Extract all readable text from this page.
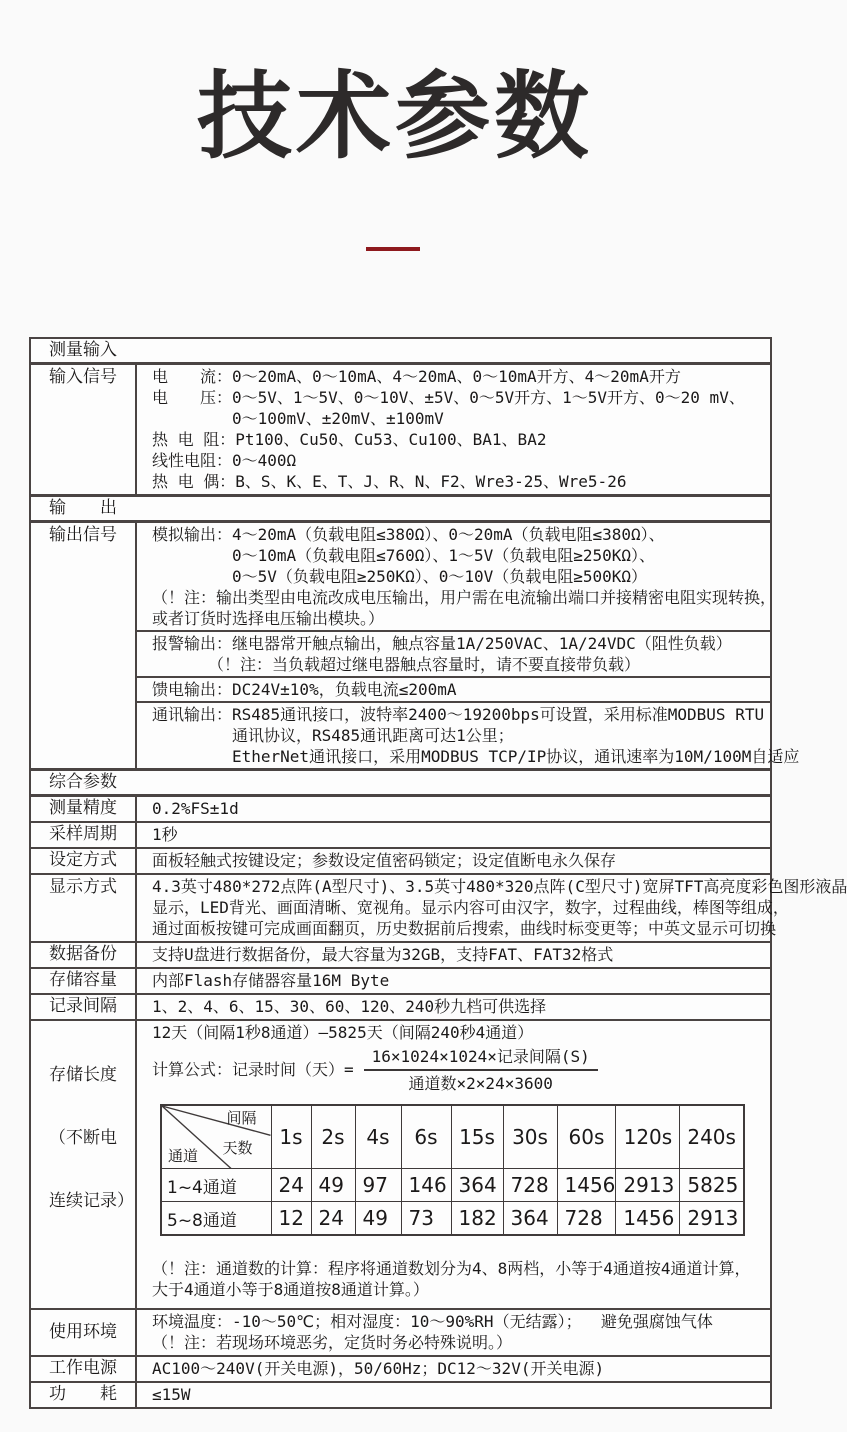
技术参数
测量输入
输入信号 电　　流：0～20mA、0～10mA、4～20mA、0～10mA开方、4～20mA开方
电　　压：0～5V、1～5V、0～10V、±5V、0～5V开方、1～5V开方、0～20 mV、
　　　　　0～100mV、±20mV、±100mV
热 电 阻：Pt100、Cu50、Cu53、Cu100、BA1、BA2
线性电阻：0～400Ω
热 电 偶：B、S、K、E、T、J、R、N、F2、Wre3-25、Wre5-26
输　　出
输出信号 模拟输出：4～20mA（负载电阻≤380Ω）、0～20mA（负载电阻≤380Ω）、
　　　　　0～10mA（负载电阻≤760Ω）、1～5V（负载电阻≥250KΩ）、
　　　　　0～5V（负载电阻≥250KΩ）、0～10V（负载电阻≥500KΩ）
（！注：输出类型由电流改成电压输出，用户需在电流输出端口并接精密电阻实现转换，
或者订货时选择电压输出模块。）
报警输出：继电器常开触点输出，触点容量1A/250VAC、1A/24VDC（阻性负载）
　　　　（！注：当负载超过继电器触点容量时，请不要直接带负载）
馈电输出：DC24V±10%，负载电流≤200mA
通讯输出：RS485通讯接口，波特率2400～19200bps可设置，采用标准MODBUS RTU
　　　　　通讯协议，RS485通讯距离可达1公里；
　　　　　EtherNet通讯接口，采用MODBUS TCP/IP协议，通讯速率为10M/100M自适应
综合参数
测量精度 0.2%FS±1d
采样周期 1秒
设定方式 面板轻触式按键设定；参数设定值密码锁定；设定值断电永久保存
显示方式 4.3英寸480*272点阵(A型尺寸)、3.5英寸480*320点阵(C型尺寸)宽屏TFT高亮度彩色图形液晶
显示，LED背光、画面清晰、宽视角。显示内容可由汉字，数字，过程曲线，棒图等组成，
通过面板按键可完成画面翻页，历史数据前后搜索，曲线时标变更等；中英文显示可切换
数据备份 支持U盘进行数据备份，最大容量为32GB，支持FAT、FAT32格式
存储容量 内部Flash存储器容量16M Byte
记录间隔 1、2、4、6、15、30、60、120、240秒九档可供选择

存储长度

（不断电

连续记录）

12天（间隔1秒8通道）—5825天（间隔240秒4通道）
计算公式：记录时间（天）= $\frac{\text{16×1024×1024×记录间隔(S)}}{\text{通道数×2×24×3600}}$
间隔
天数
通道	1s	2s	4s	6s	15s	30s	60s	120s	240s
1~4通道	24	49	97	146	364	728	1456	2913	5825
5~8通道	12	24	49	73	182	364	728	1456	2913
（！注：通道数的计算：程序将通道数划分为4、8两档，小等于4通道按4通道计算，
大于4通道小等于8通道按8通道计算。）
使用环境
环境温度：-10～50℃；相对湿度：10～90%RH（无结露）；  避免强腐蚀气体
（！注：若现场环境恶劣，定货时务必特殊说明。）
工作电源 AC100～240V(开关电源)，50/60Hz；DC12～32V(开关电源)
功　　耗 ≤15W
